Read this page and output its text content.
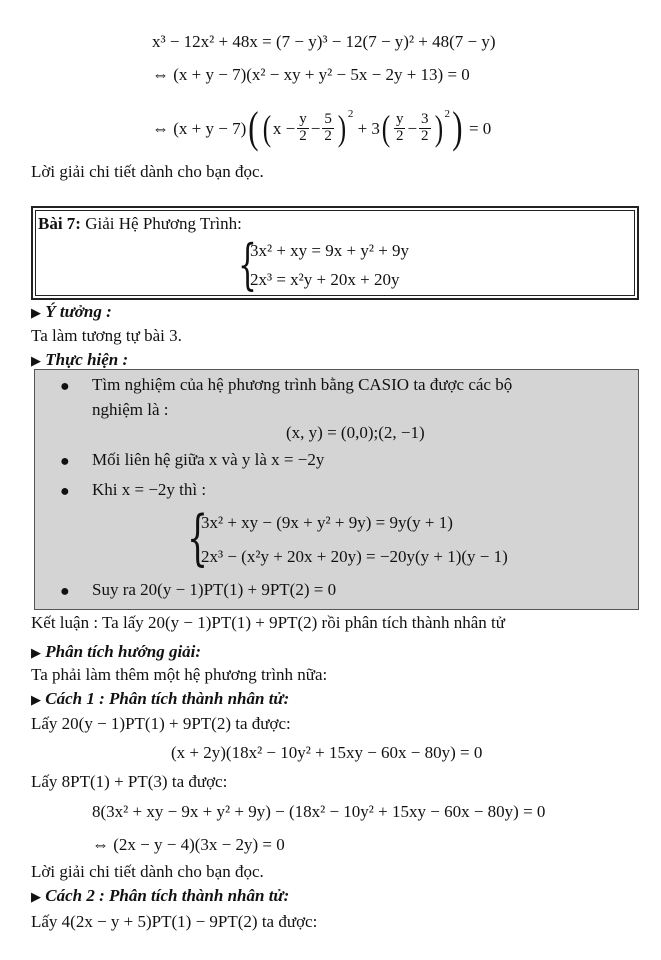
x³ − 12x² + 48x = (7 − y)³ − 12(7 − y)² + 48(7 − y)
⇔ (x + y − 7)(x² − xy + y² − 5x − 2y + 13) = 0
⇔ (x + y − 7) ( ( $x - \frac{y}{2} - \frac{5}{2} )^2$
+ 3 ( $\frac{y}{2} - \frac{3}{2} )^2$ ) = 0
Lời giải chi tiết dành cho bạn đọc.
Bài 7: Giải Hệ Phương Trình:
{
3x² + xy = 9x + y² + 9y
2x³ = x²y + 20x + 20y
▶ Ý tưởng :
Ta làm tương tự bài 3.
▶ Thực hiện :
● Tìm nghiệm của hệ phương trình bằng CASIO ta được các bộ
nghiệm là :
(x, y) = (0,0);(2, −1)
● Mối liên hệ giữa x và y là x = −2y
● Khi x = −2y thì :
{
3x² + xy − (9x + y² + 9y) = 9y(y + 1)
2x³ − (x²y + 20x + 20y) = −20y(y + 1)(y − 1)
● Suy ra 20(y − 1)PT(1) + 9PT(2) = 0
Kết luận : Ta lấy 20(y − 1)PT(1) + 9PT(2) rồi phân tích thành nhân tử
▶ Phân tích hướng giải:
Ta phải làm thêm một hệ phương trình nữa:
▶ Cách 1 : Phân tích thành nhân tử:
Lấy 20(y − 1)PT(1) + 9PT(2) ta được:
(x + 2y)(18x² − 10y² + 15xy − 60x − 80y) = 0
Lấy 8PT(1) + PT(3) ta được:
8(3x² + xy − 9x + y² + 9y) − (18x² − 10y² + 15xy − 60x − 80y) = 0
⇔ (2x − y − 4)(3x − 2y) = 0
Lời giải chi tiết dành cho bạn đọc.
▶ Cách 2 : Phân tích thành nhân tử:
Lấy 4(2x − y + 5)PT(1) − 9PT(2) ta được:
